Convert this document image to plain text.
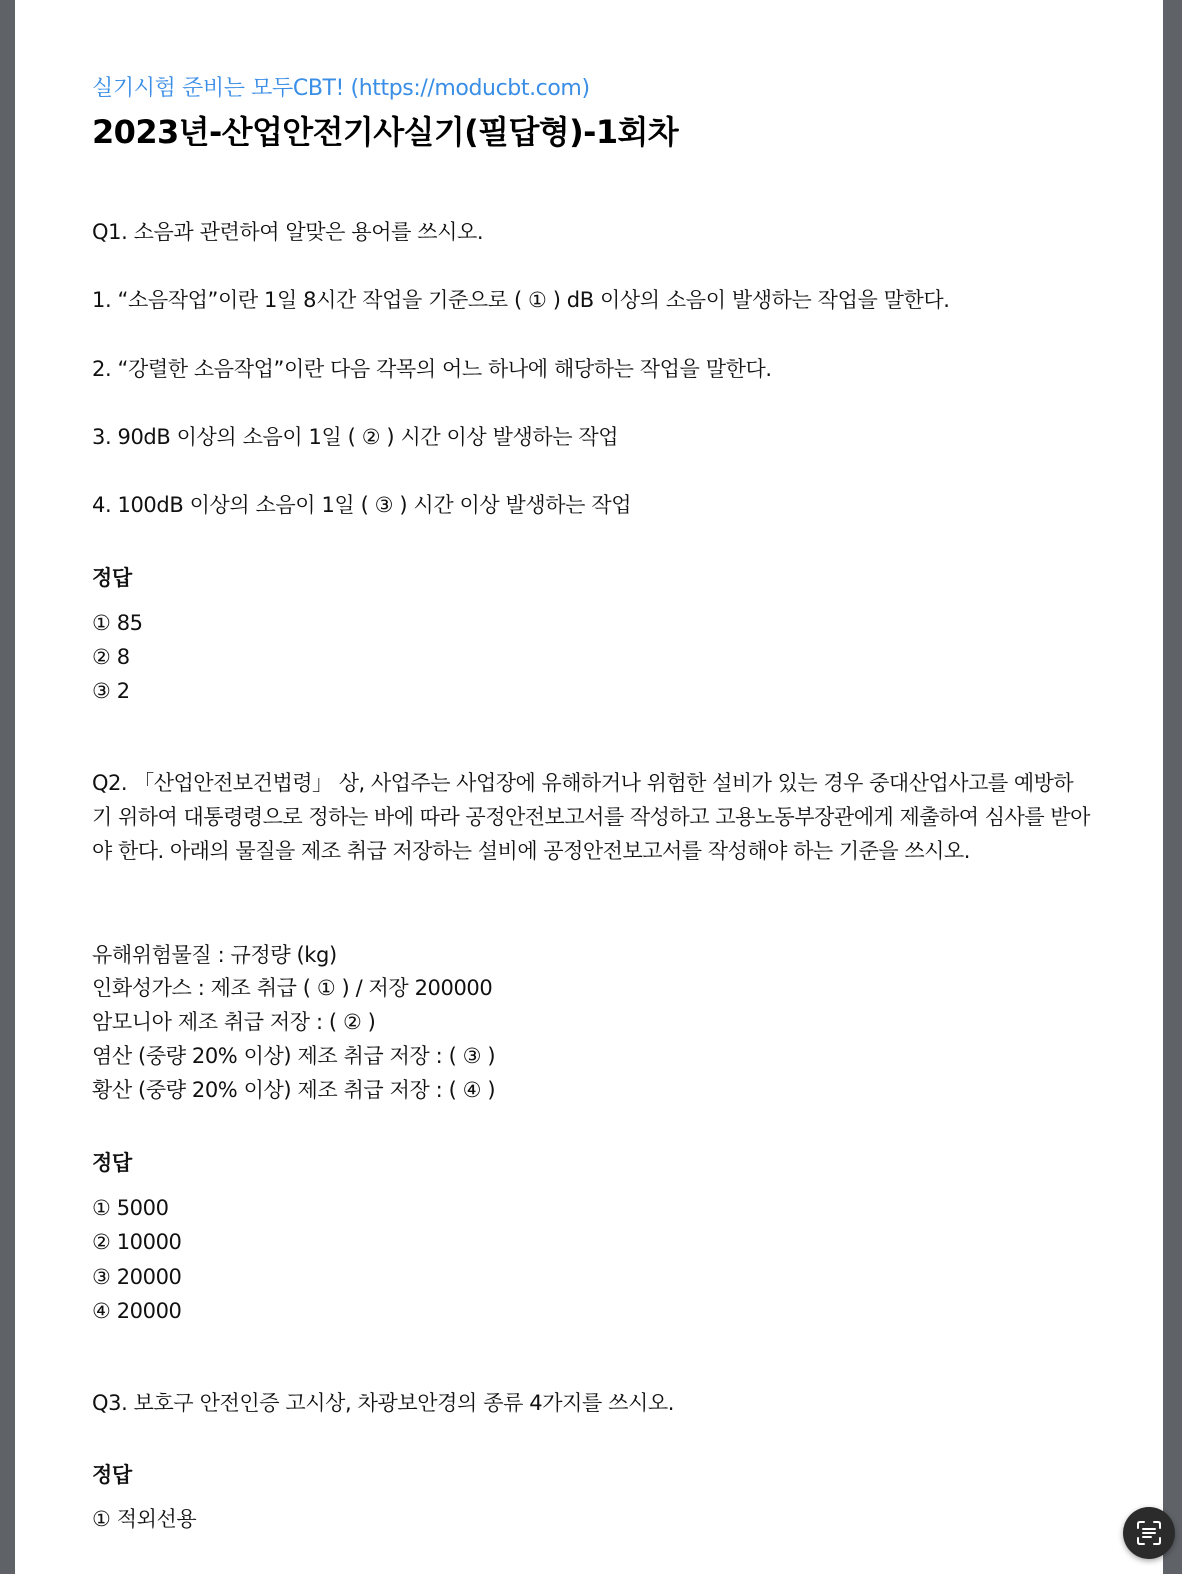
실기시험 준비는 모두CBT! (https://moducbt.com)
2023년-산업안전기사실기(필답형)-1회차
Q1. 소음과 관련하여 알맞은 용어를 쓰시오.
1. “소음작업”이란 1일 8시간 작업을 기준으로 ( ① ) dB 이상의 소음이 발생하는 작업을 말한다.
2. “강렬한 소음작업”이란 다음 각목의 어느 하나에 해당하는 작업을 말한다.
3. 90dB 이상의 소음이 1일 ( ② ) 시간 이상 발생하는 작업
4. 100dB 이상의 소음이 1일 ( ③ ) 시간 이상 발생하는 작업
정답
① 85
② 8
③ 2
Q2. 「산업안전보건법령」 상, 사업주는 사업장에 유해하거나 위험한 설비가 있는 경우 중대산업사고를 예방하기 위하여 대통령령으로 정하는 바에 따라 공정안전보고서를 작성하고 고용노동부장관에게 제출하여 심사를 받아야 한다. 아래의 물질을 제조 취급 저장하는 설비에 공정안전보고서를 작성해야 하는 기준을 쓰시오.
유해위험물질 : 규정량 (kg)
인화성가스 : 제조 취급 ( ① ) / 저장 200000
암모니아 제조 취급 저장 : ( ② )
염산 (중량 20% 이상) 제조 취급 저장 : ( ③ )
황산 (중량 20% 이상) 제조 취급 저장 : ( ④ )
정답
① 5000
② 10000
③ 20000
④ 20000
Q3. 보호구 안전인증 고시상, 차광보안경의 종류 4가지를 쓰시오.
정답
① 적외선용
